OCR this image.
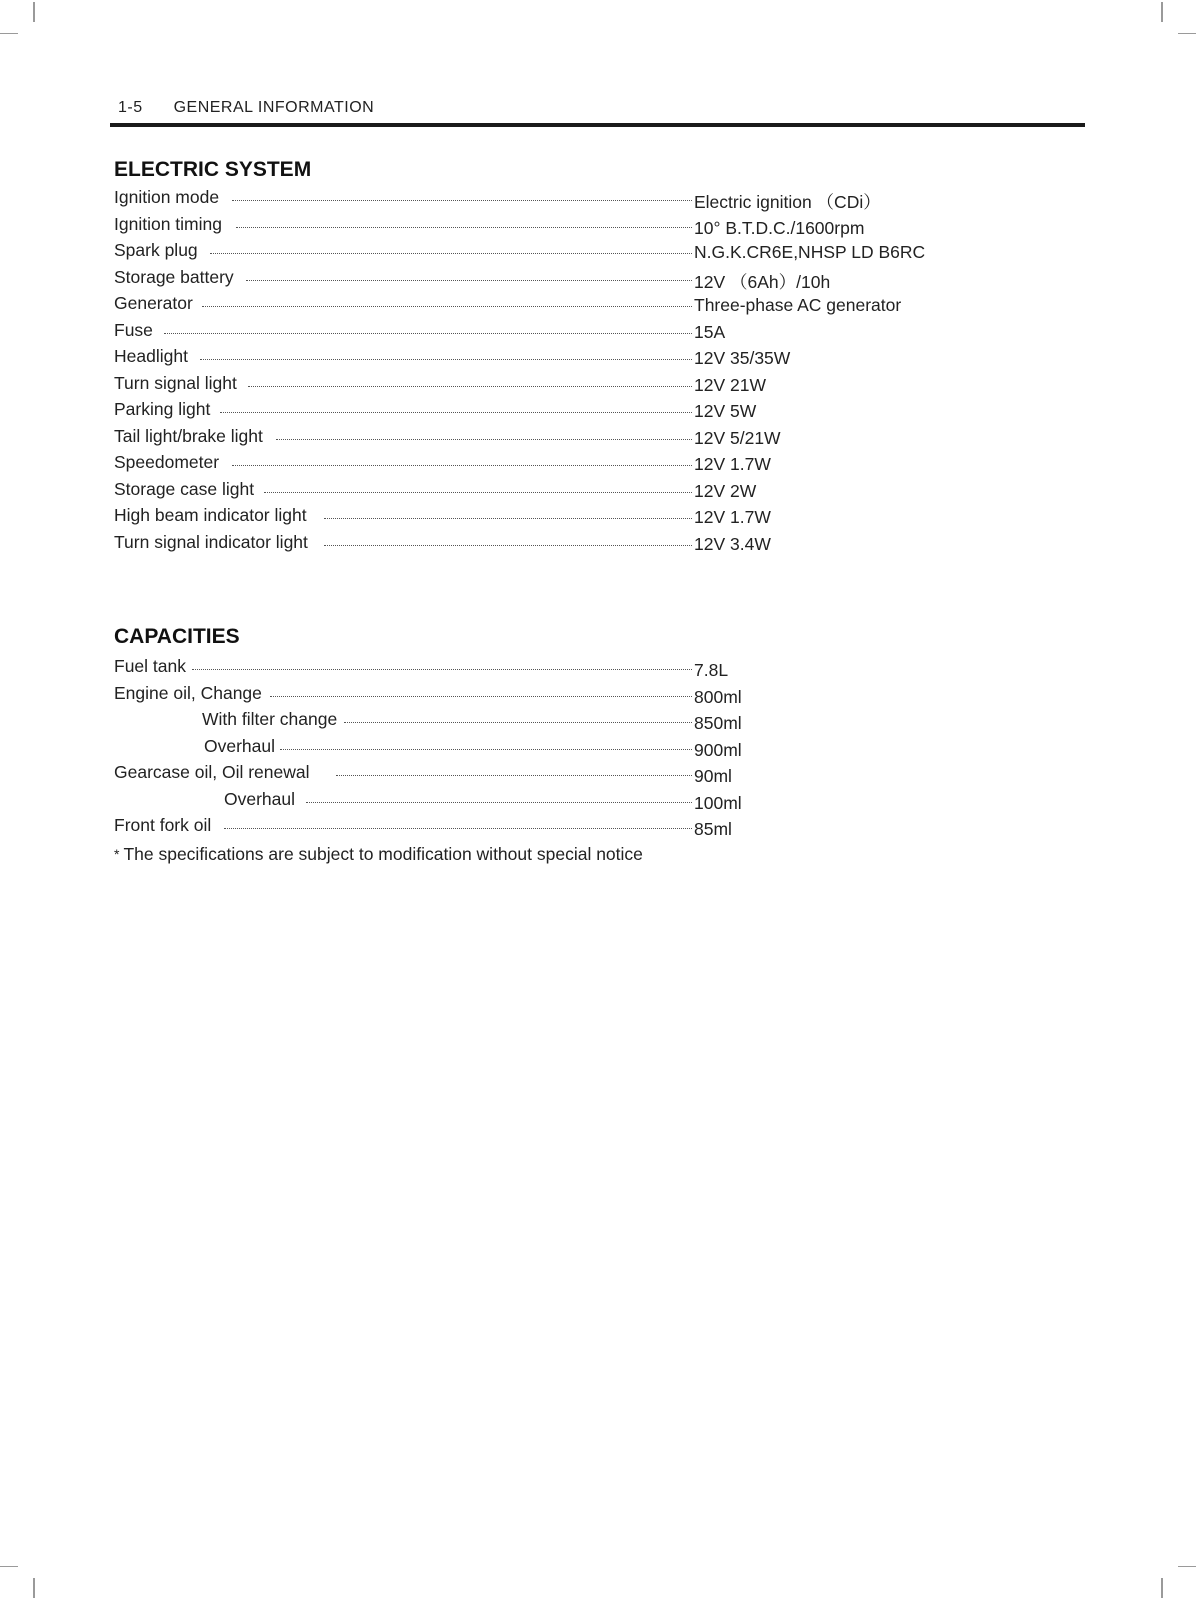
1-5 GENERAL INFORMATION
ELECTRIC SYSTEM
Ignition mode	Electric ignition （CDi）
Ignition timing	10° B.T.D.C./1600rpm
Spark plug	N.G.K.CR6E,NHSP LD B6RC
Storage battery	12V （6Ah）/10h
Generator	Three-phase AC generator
Fuse	15A
Headlight	12V 35/35W
Turn signal light	12V 21W
Parking light	12V 5W
Tail light/brake light	12V 5/21W
Speedometer	12V 1.7W
Storage case light	12V 2W
High beam indicator light	12V 1.7W
Turn signal indicator light	12V 3.4W
CAPACITIES
Fuel tank	7.8L
Engine oil, Change	800ml
With filter change	850ml
Overhaul	900ml
Gearcase oil, Oil renewal	90ml
Overhaul	100ml
Front fork oil	85ml
* The specifications are subject to modification without special notice
